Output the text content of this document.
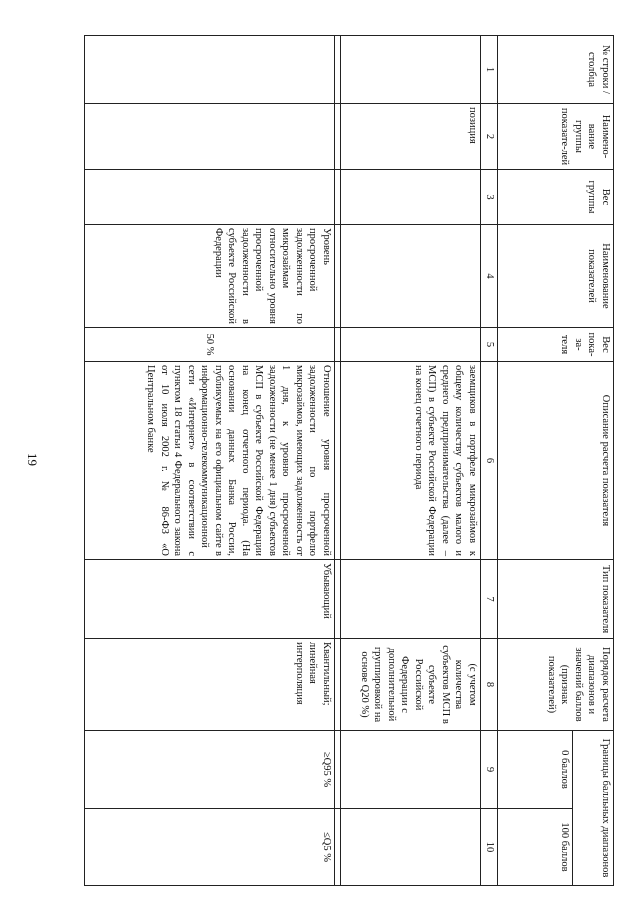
19
№ строки / столбца	Наимено-вание группы показате-лей	Вес группы	Наименование показателей	Вес пока-за-теля	Описание расчета показателя	Тип показателя	Порядок расчета диапазонов и значений баллов (признак показателей)	Границы балльных диапазонов	
								0 баллов	100 баллов
1	2	3	4	5	6	7	8	9	10
	позиция				заемщиков в портфеле микрозаймов к общему количеству субъектов малого и среднего предпринимательства (далее – МСП) в субъекте Российской Федерации на конец отчетного периода		(с учетом количества субъектов МСП в субъекте Российской Федерации с дополнительной группировкой на основе Q20 %)		

			Уровень просроченной задолженности по микрозаймам относительно уровня просроченной задолженности в субъекте Российской Федерации	50 %	Отношение уровня просроченной задолженности по портфелю микрозаймов, имеющих задолженность от 1 дня, к уровню просроченной задолженности (не менее 1 дня) субъектов МСП в субъекте Российской Федерации на конец отчетного периода. (На основании данных Банка России, публикуемых на его официальном сайте в информационно-телекоммуникационной сети «Интернет» в соответствии с пунктом 18 статьи 4 Федерального закона от 10 июля 2002 г. № 86-ФЗ «О Центральном банке	Убывающий	Квантильный; линейная интерполяция	≥Q95 %	≤Q5 %
